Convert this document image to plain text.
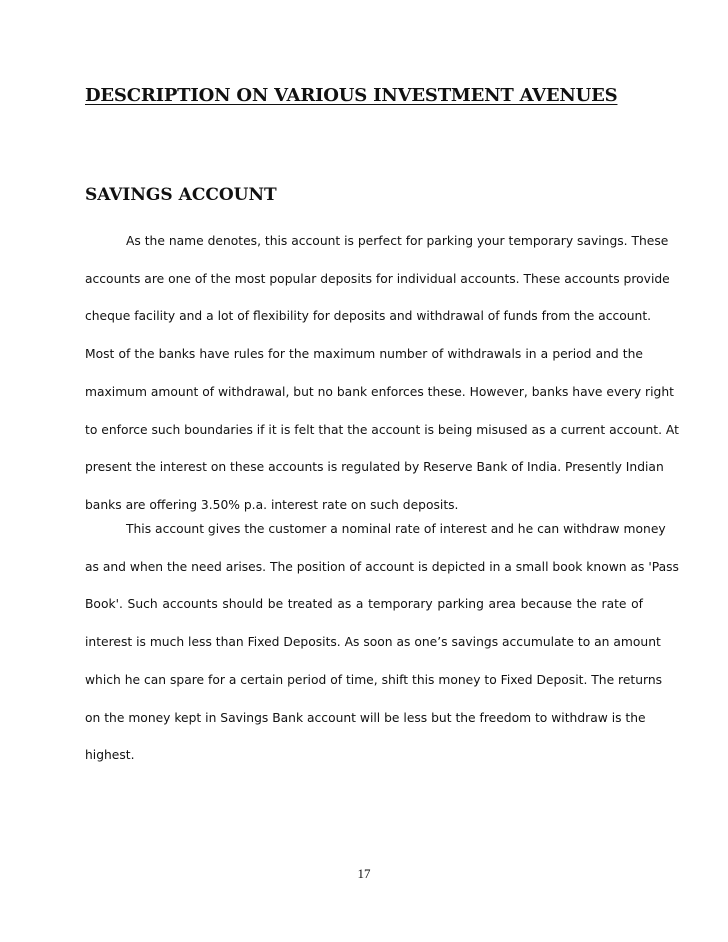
DESCRIPTION ON VARIOUS INVESTMENT AVENUES
SAVINGS ACCOUNT

As the name denotes, this account is perfect for parking your temporary savings. These
accounts are one of the most popular deposits for individual accounts. These accounts provide
cheque facility and a lot of flexibility for deposits and withdrawal of funds from the account.
Most of the banks have rules for the maximum number of withdrawals in a period and the
maximum amount of withdrawal, but no bank enforces these. However, banks have every right
to enforce such boundaries if it is felt that the account is being misused as a current account. At
present the interest on these accounts is regulated by Reserve Bank of India. Presently Indian
banks are offering 3.50% p.a. interest rate on such deposits.

This account gives the customer a nominal rate of interest and he can withdraw money
as and when the need arises. The position of account is depicted in a small book known as 'Pass
Book'. Such accounts should be treated as a temporary parking area because the rate of
interest is much less than Fixed Deposits. As soon as one’s savings accumulate to an amount
which he can spare for a certain period of time, shift this money to Fixed Deposit. The returns
on the money kept in Savings Bank account will be less but the freedom to withdraw is the
highest.

17
